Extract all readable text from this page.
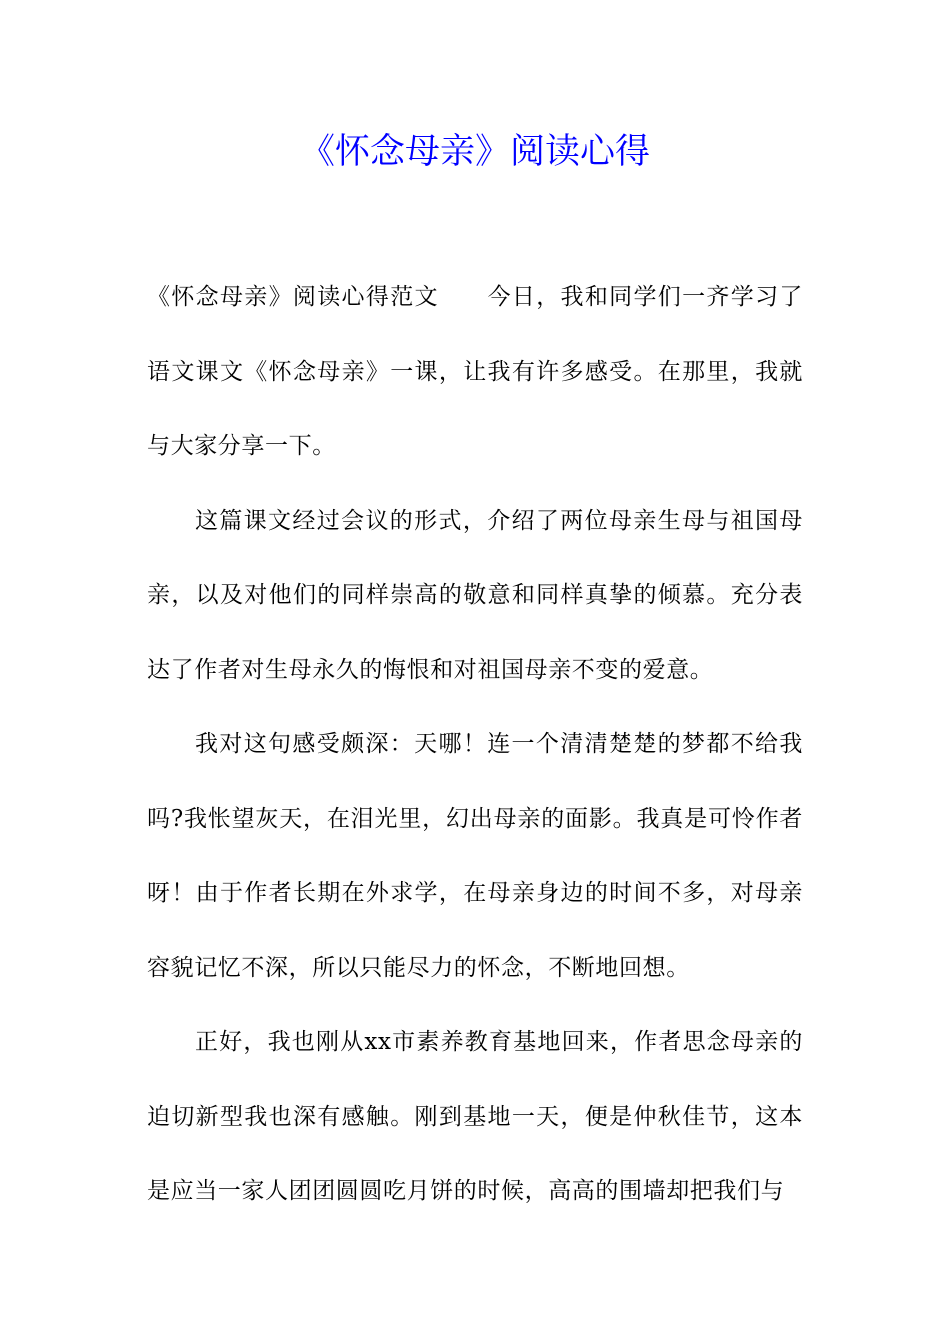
《怀念母亲》阅读心得

《怀念母亲》阅读心得范文 今日，我和同学们一齐学习了语文课文《怀念母亲》一课，让我有许多感受。在那里，我就与大家分享一下。

这篇课文经过会议的形式，介绍了两位母亲生母与祖国母亲，以及对他们的同样崇高的敬意和同样真挚的倾慕。充分表达了作者对生母永久的悔恨和对祖国母亲不变的爱意。

我对这句感受颇深：天哪！连一个清清楚楚的梦都不给我吗?我怅望灰天，在泪光里，幻出母亲的面影。我真是可怜作者呀！由于作者长期在外求学，在母亲身边的时间不多，对母亲容貌记忆不深，所以只能尽力的怀念，不断地回想。

正好，我也刚从xx市素养教育基地回来，作者思念母亲的迫切新型我也深有感触。刚到基地一天，便是仲秋佳节，这本是应当一家人团团圆圆吃月饼的时候，高高的围墙却把我们与
